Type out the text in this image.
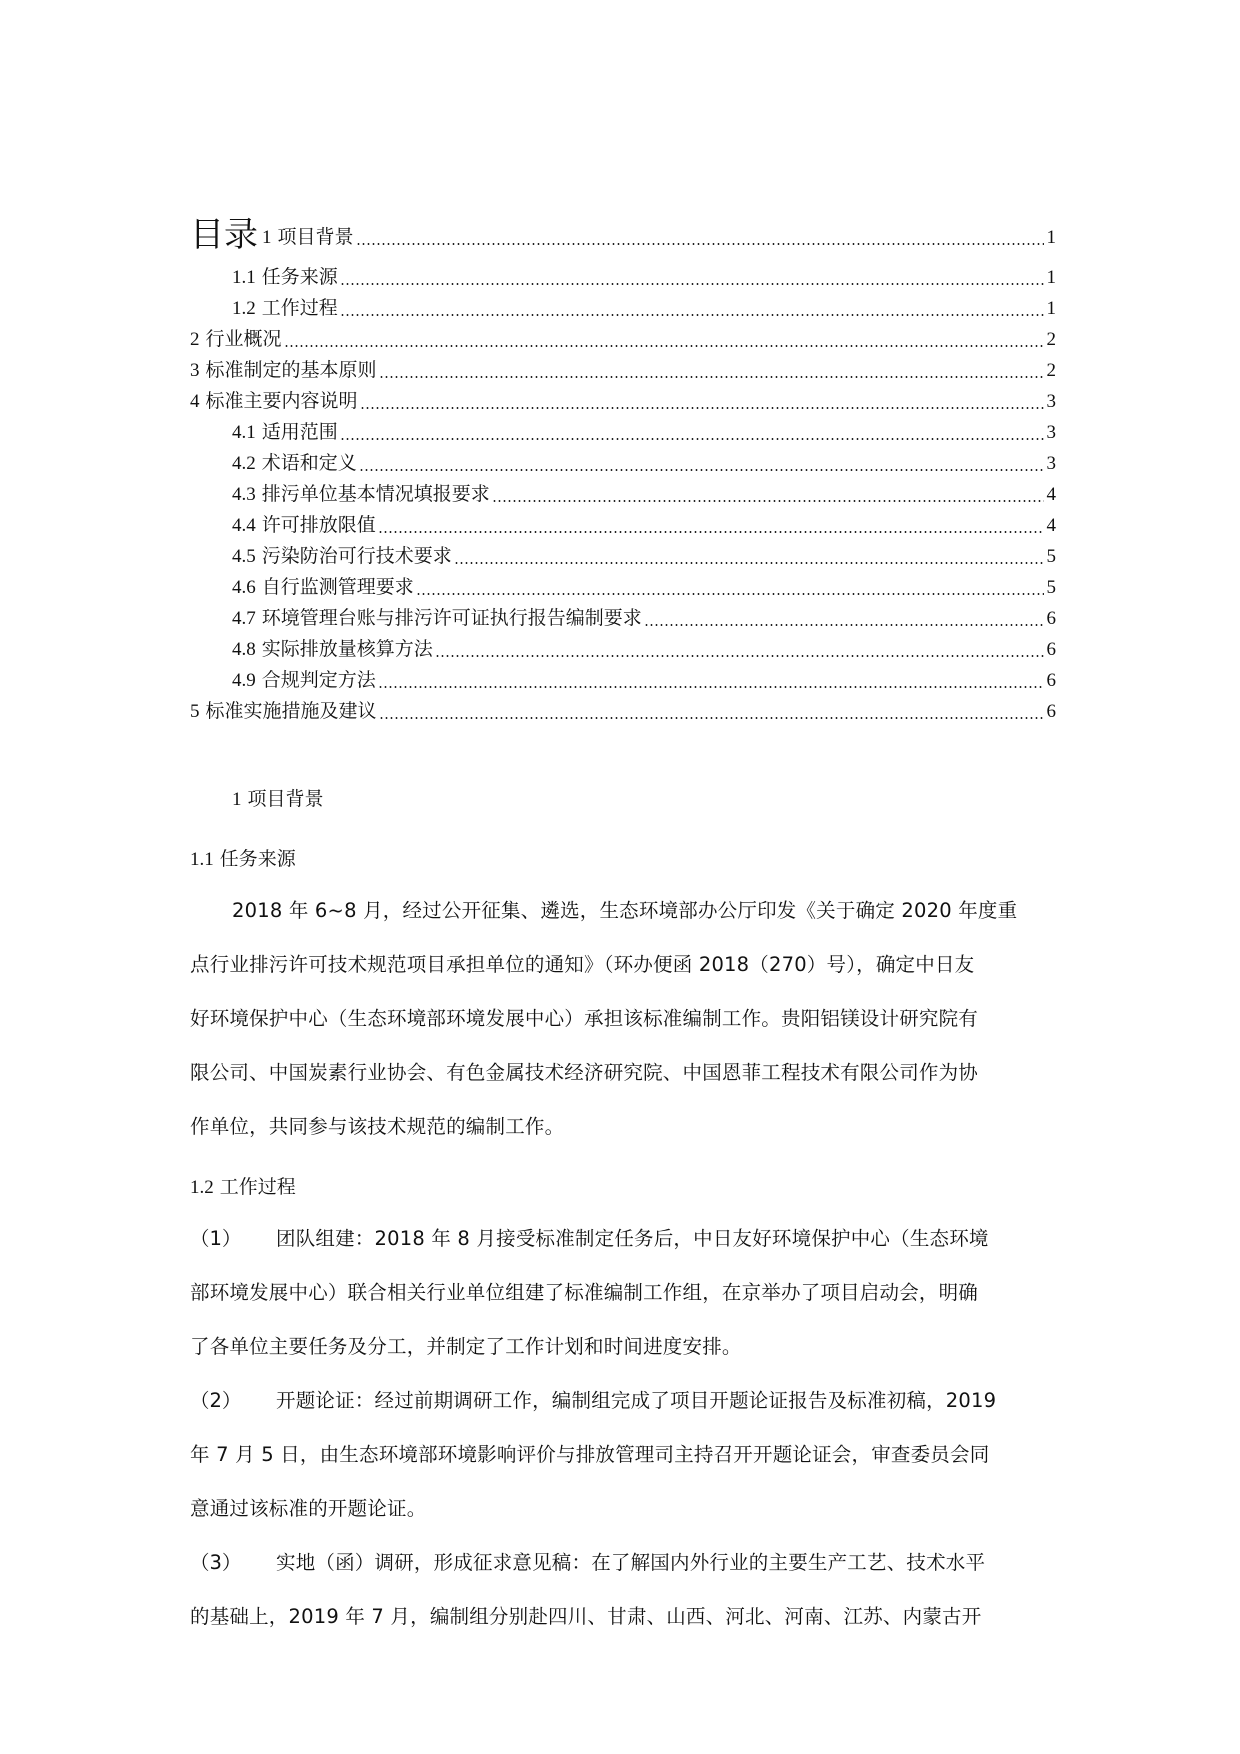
目录 1 项目背景	1
1.1 任务来源	1
1.2 工作过程	1
2 行业概况	2
3 标准制定的基本原则	2
4 标准主要内容说明	3
4.1 适用范围	3
4.2 术语和定义	3
4.3 排污单位基本情况填报要求	4
4.4 许可排放限值	4
4.5 污染防治可行技术要求	5
4.6 自行监测管理要求	5
4.7 环境管理台账与排污许可证执行报告编制要求	6
4.8 实际排放量核算方法	6
4.9 合规判定方法	6
5 标准实施措施及建议	6
1 项目背景
1.1 任务来源
2018 年 6~8 月，经过公开征集、遴选，生态环境部办公厅印发《关于确定 2020 年度重
点行业排污许可技术规范项目承担单位的通知》（环办便函 2018（270）号），确定中日友
好环境保护中心（生态环境部环境发展中心）承担该标准编制工作。贵阳铝镁设计研究院有
限公司、中国炭素行业协会、有色金属技术经济研究院、中国恩菲工程技术有限公司作为协
作单位，共同参与该技术规范的编制工作。
1.2 工作过程
（1） 团队组建：2018 年 8 月接受标准制定任务后，中日友好环境保护中心（生态环境
部环境发展中心）联合相关行业单位组建了标准编制工作组，在京举办了项目启动会，明确
了各单位主要任务及分工，并制定了工作计划和时间进度安排。
（2） 开题论证：经过前期调研工作，编制组完成了项目开题论证报告及标准初稿，2019
年 7 月 5 日，由生态环境部环境影响评价与排放管理司主持召开开题论证会，审查委员会同
意通过该标准的开题论证。
（3） 实地（函）调研，形成征求意见稿：在了解国内外行业的主要生产工艺、技术水平
的基础上，2019 年 7 月，编制组分别赴四川、甘肃、山西、河北、河南、江苏、内蒙古开
